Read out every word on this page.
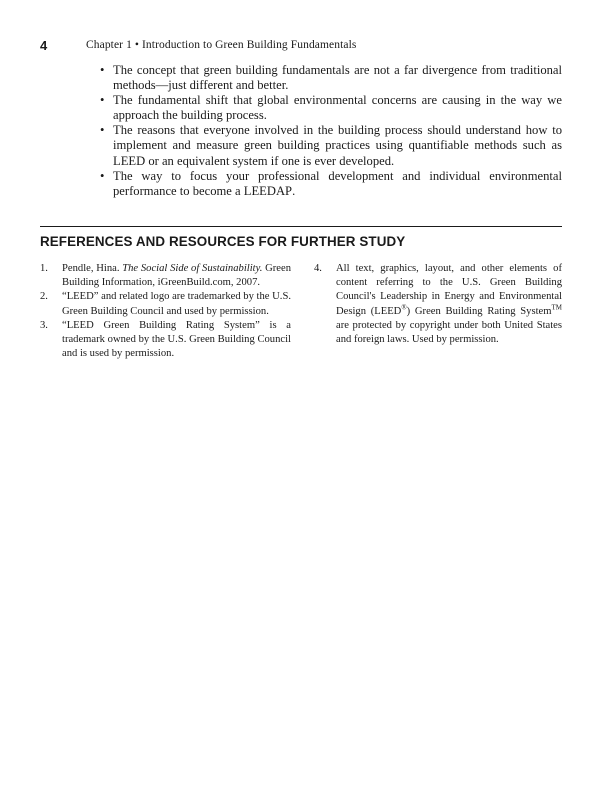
4	Chapter 1 • Introduction to Green Building Fundamentals
• The concept that green building fundamentals are not a far divergence from traditional methods—just different and better.
• The fundamental shift that global environmental concerns are causing in the way we approach the building process.
• The reasons that everyone involved in the building process should understand how to implement and measure green building practices using quantifiable methods such as LEED or an equivalent system if one is ever developed.
• The way to focus your professional development and individual environmental performance to become a LEEDAP.
REFERENCES AND RESOURCES FOR FURTHER STUDY
1. Pendle, Hina. The Social Side of Sustainability. Green Building Information, iGreenBuild.com, 2007.
2. “LEED” and related logo are trademarked by the U.S. Green Building Council and used by permission.
3. “LEED Green Building Rating System” is a trademark owned by the U.S. Green Building Council and is used by permission.
4. All text, graphics, layout, and other elements of content referring to the U.S. Green Building Council's Leadership in Energy and Environmental Design (LEED®) Green Building Rating System™ are protected by copyright under both United States and foreign laws. Used by permission.
